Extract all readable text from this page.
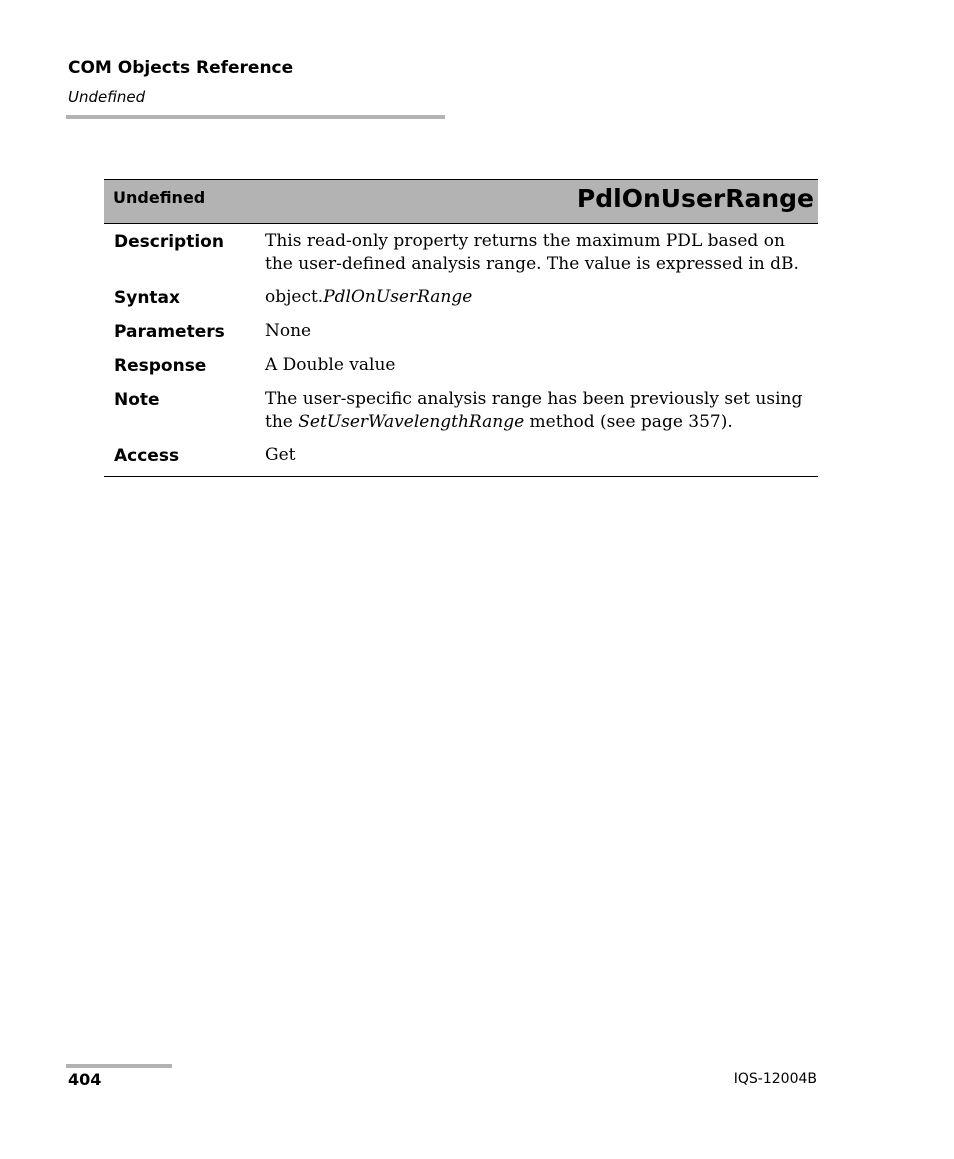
COM Objects Reference
Undefined
Undefined	PdlOnUserRange
Description	This read-only property returns the maximum PDL based on the user-defined analysis range. The value is expressed in dB.
Syntax	object.PdlOnUserRange
Parameters	None
Response	A Double value
Note	The user-specific analysis range has been previously set using the SetUserWavelengthRange method (see page 357).
Access	Get
404	IQS-12004B
